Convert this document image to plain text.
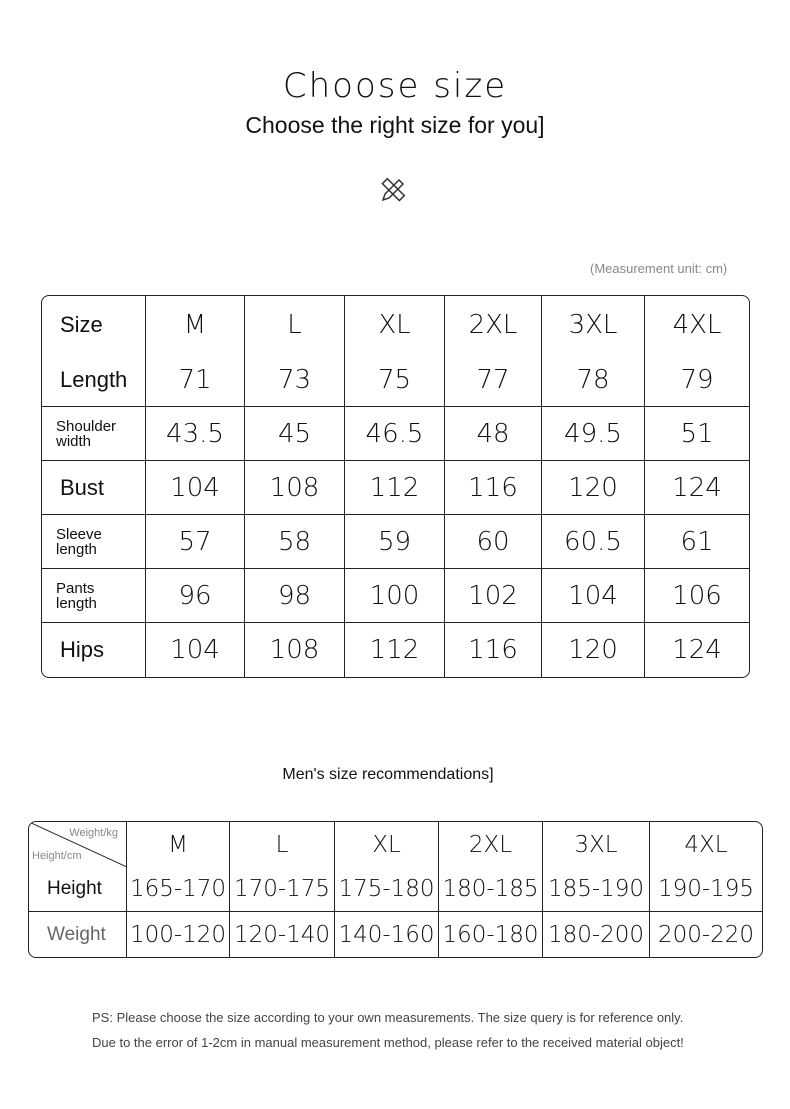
Choose size
Choose the right size for you]
(Measurement unit: cm)
Size	M	L	XL	2XL	3XL	4XL
Length	71	73	75	77	78	79
Shoulder
width	43.5	45	46.5	48	49.5	51
Bust	104	108	112	116	120	124
Sleeve
length	57	58	59	60	60.5	61
Pants
length	96	98	100	102	104	106
Hips	104	108	112	116	120	124
Men's size recommendations]
Weight/kg
Height/cm	M	L	XL	2XL	3XL	4XL
Height	165-170	170-175	175-180	180-185	185-190	190-195
Weight	100-120	120-140	140-160	160-180	180-200	200-220
PS: Please choose the size according to your own measurements. The size query is for reference only.
Due to the error of 1-2cm in manual measurement method, please refer to the received material object!
